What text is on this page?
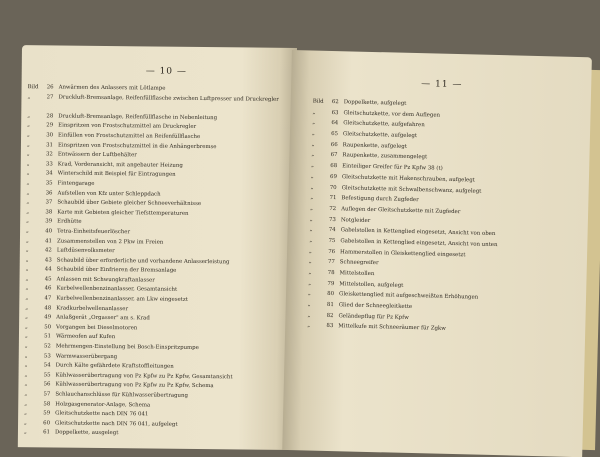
— 10 —
Bild	26 Anwärmen des Anlassers mit Lötlampe
„	27 Druckluft-Bremsanlage, Reifenfüllflasche zwischen Luftpresser und Druckregler
„	28 Druckluft-Bremsanlage, Reifenfüllflasche in Nebenleitung
„	29 Einspritzen von Frostschutzmittel am Druckregler
„	30 Einfüllen von Frostschutzmittel an Reifenfüllflasche
„	31 Einspritzen von Frostschutzmittel in die Anhängerbremse
„	32 Entwässern der Luftbehälter
„	33 Krad, Vorderansicht, mit angebauter Heizung
„	34 Winterschild mit Beispiel für Eintragungen
„	35 Fintengarage
„	36 Aufstellen von Kfz unter Schleppdach
„	37 Schaubild über Gebiete gleicher Schneeverhältnisse
„	38 Karte mit Gebieten gleicher Tiefsttemperaturen
„	39 Erdhütte
„	40 Tetra-Einheitsfeuerlöscher
„	41 Zusammenstellen von 2 Pkw im Freien
„	42 Luftdüsenvolksmeter
„	43 Schaubild über erforderliche und vorhandene Anlasserleistung
„	44 Schaubild über Einfrieren der Bremsanlage
„	45 Anlassen mit Schwungkraftanlasser
„	46 Kurbelwellenbenzinanlasser, Gesamtansicht
„	47 Kurbelwellenbenzinanlasser, am Lkw eingesetzt
„	48 Kradkurbelwellenanlasser
„	49 Anlaßgerät „Orgasser" am s. Krad
„	50 Vorgangen bei Dieselmotoren
„	51 Wärmeofen auf Kufen
„	52 Mehrmengen-Einstellung bei Bosch-Einspritzpumpe
„	53 Warmwasserübergang
„	54 Durch Kälte gefährdete Kraftstoffleitungen
„	55 Kühlwasserübertragung von Pz Kpfw zu Pz Kpfw, Gesamtansicht
„	56 Kühlwasserübertragung von Pz Kpfw zu Pz Kpfw, Schema
„	57 Schlauchanschlüsse für Kühlwasserübertragung
„	58 Holzgasgenerator-Anlage, Schema
„	59 Gleitschutzkette nach DIN 76 041
„	60 Gleitschutzkette nach DIN 76 041, aufgelegt
„	61 Doppelkette, ausgelegt
— 11 —
Bild	62 Doppelkette, aufgelegt
„	63 Gleitschutzkette, vor dem Auflegen
„	64 Gleitschutzkette, aufgefahren
„	65 Gleitschutzkette, aufgelegt
„	66 Raupenkette, aufgelegt
„	67 Raupenkette, zusammengelegt
„	68 Einteiliger Greifer für Pz Kpfw 38 (t)
„	69 Gleitschutzkette mit Hakenschrauben, aufgelegt
„	70 Gleitschutzkette mit Schwalbenschwanz, aufgelegt
„	71 Befestigung durch Zugfeder
„	72 Auflegen der Gleitschutzkette mit Zugfeder
„	73 Notgleider
„	74 Gabelstollen in Kettenglied eingesetzt, Ansicht von oben
„	75 Gabelstollen in Kettenglied eingesetzt, Ansicht von unten
„	76 Hammerstollen in Gleiskettenglied eingesetzt
„	77 Schneegreifer
„	78 Mittelstollen
„	79 Mittelstollen, aufgelegt
„	80 Gleiskettenglied mit aufgeschweißten Erhöhungen
„	81 Glied der Schneegleitkette
„	82 Geländepflug für Pz Kpfw
„	83 Mittelkufe mit Schneeräumer für Zgkw
